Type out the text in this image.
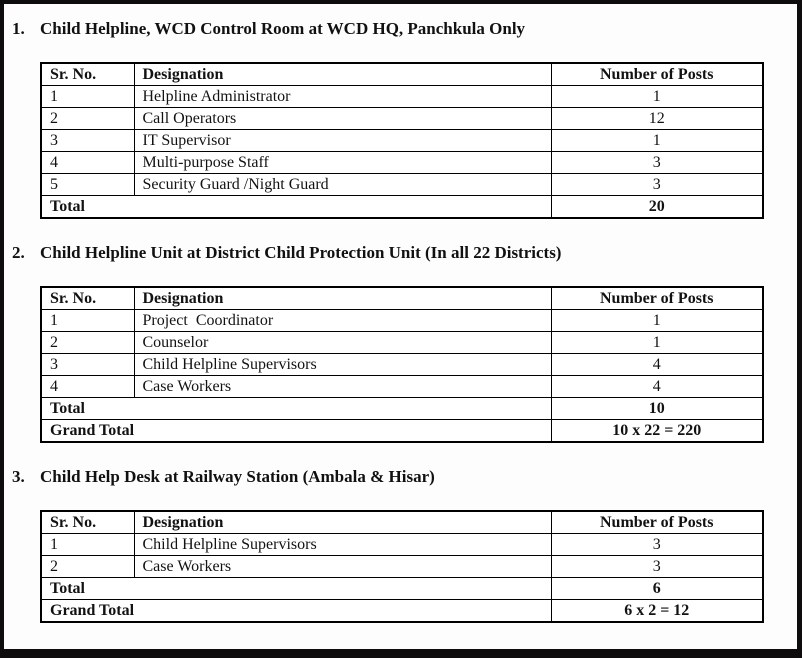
1. Child Helpline, WCD Control Room at WCD HQ, Panchkula Only
Sr. No.	Designation	Number of Posts
1	Helpline Administrator	1
2	Call Operators	12
3	IT Supervisor	1
4	Multi-purpose Staff	3
5	Security Guard /Night Guard	3
Total		20
2. Child Helpline Unit at District Child Protection Unit (In all 22 Districts)
Sr. No.	Designation	Number of Posts
1	Project  Coordinator	1
2	Counselor	1
3	Child Helpline Supervisors	4
4	Case Workers	4
Total		10
Grand Total		10 x 22 = 220
3. Child Help Desk at Railway Station (Ambala & Hisar)
Sr. No.	Designation	Number of Posts
1	Child Helpline Supervisors	3
2	Case Workers	3
Total		6
Grand Total		6 x 2 = 12
